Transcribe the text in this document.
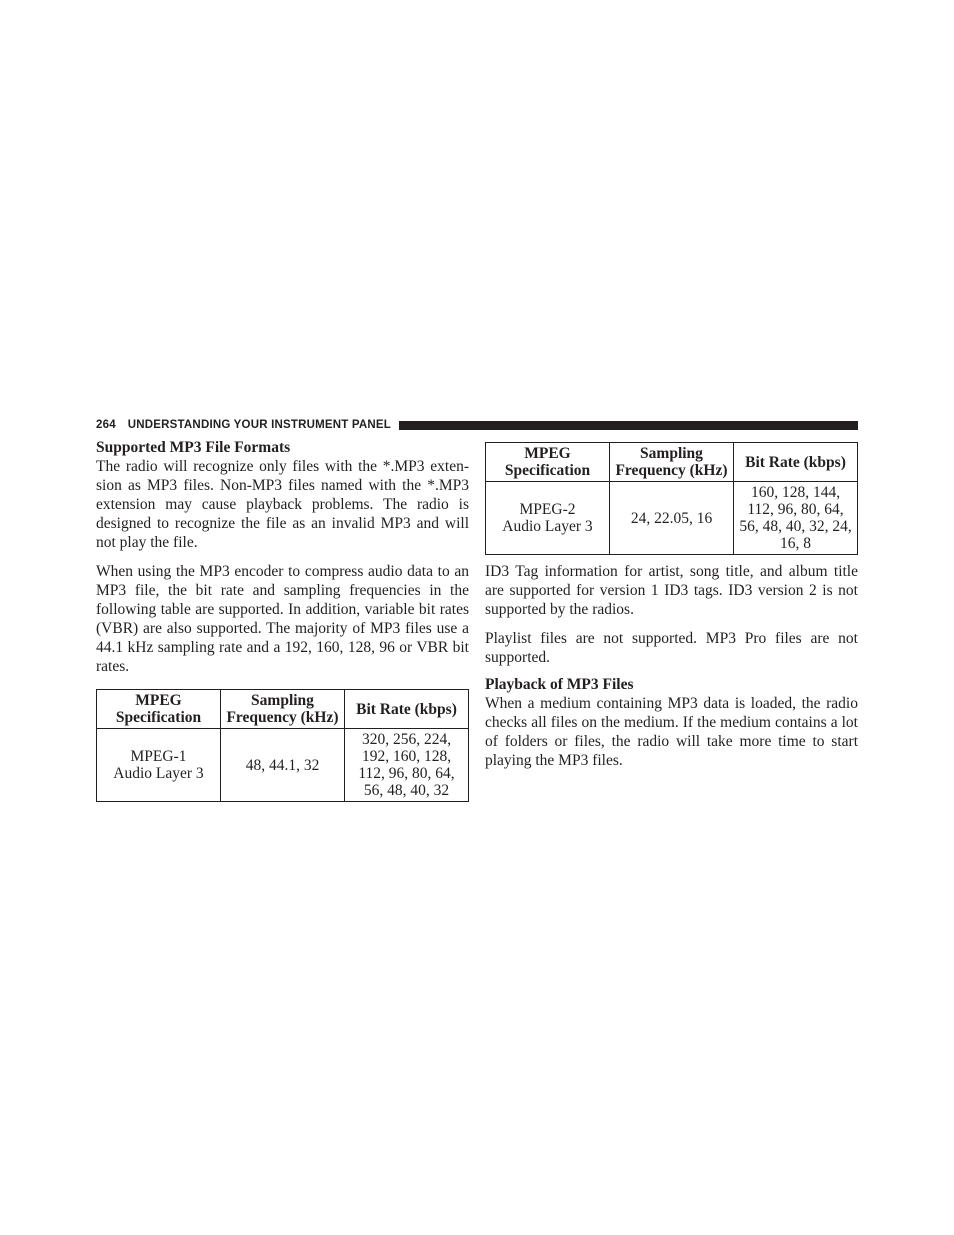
264 UNDERSTANDING YOUR INSTRUMENT PANEL
Supported MP3 File Formats

The radio will recognize only files with the *.MP3 exten-sion as MP3 files. Non-MP3 files named with the *.MP3 extension may cause playback problems. The radio is designed to recognize the file as an invalid MP3 and will not play the file.

When using the MP3 encoder to compress audio data to an MP3 file, the bit rate and sampling frequencies in the following table are supported. In addition, variable bit rates (VBR) are also supported. The majority of MP3 files use a 44.1 kHz sampling rate and a 192, 160, 128, 96 or VBR bit rates.

MPEG Specification	Sampling Frequency (kHz)	Bit Rate (kbps)
MPEG-1 Audio Layer 3	48, 44.1, 32	320, 256, 224, 192, 160, 128, 112, 96, 80, 64, 56, 48, 40, 32
MPEG Specification	Sampling Frequency (kHz)	Bit Rate (kbps)
MPEG-2 Audio Layer 3	24, 22.05, 16	160, 128, 144, 112, 96, 80, 64, 56, 48, 40, 32, 24, 16, 8

ID3 Tag information for artist, song title, and album title are supported for version 1 ID3 tags. ID3 version 2 is not supported by the radios.

Playlist files are not supported. MP3 Pro files are not supported.

Playback of MP3 Files

When a medium containing MP3 data is loaded, the radio checks all files on the medium. If the medium contains a lot of folders or files, the radio will take more time to start playing the MP3 files.
